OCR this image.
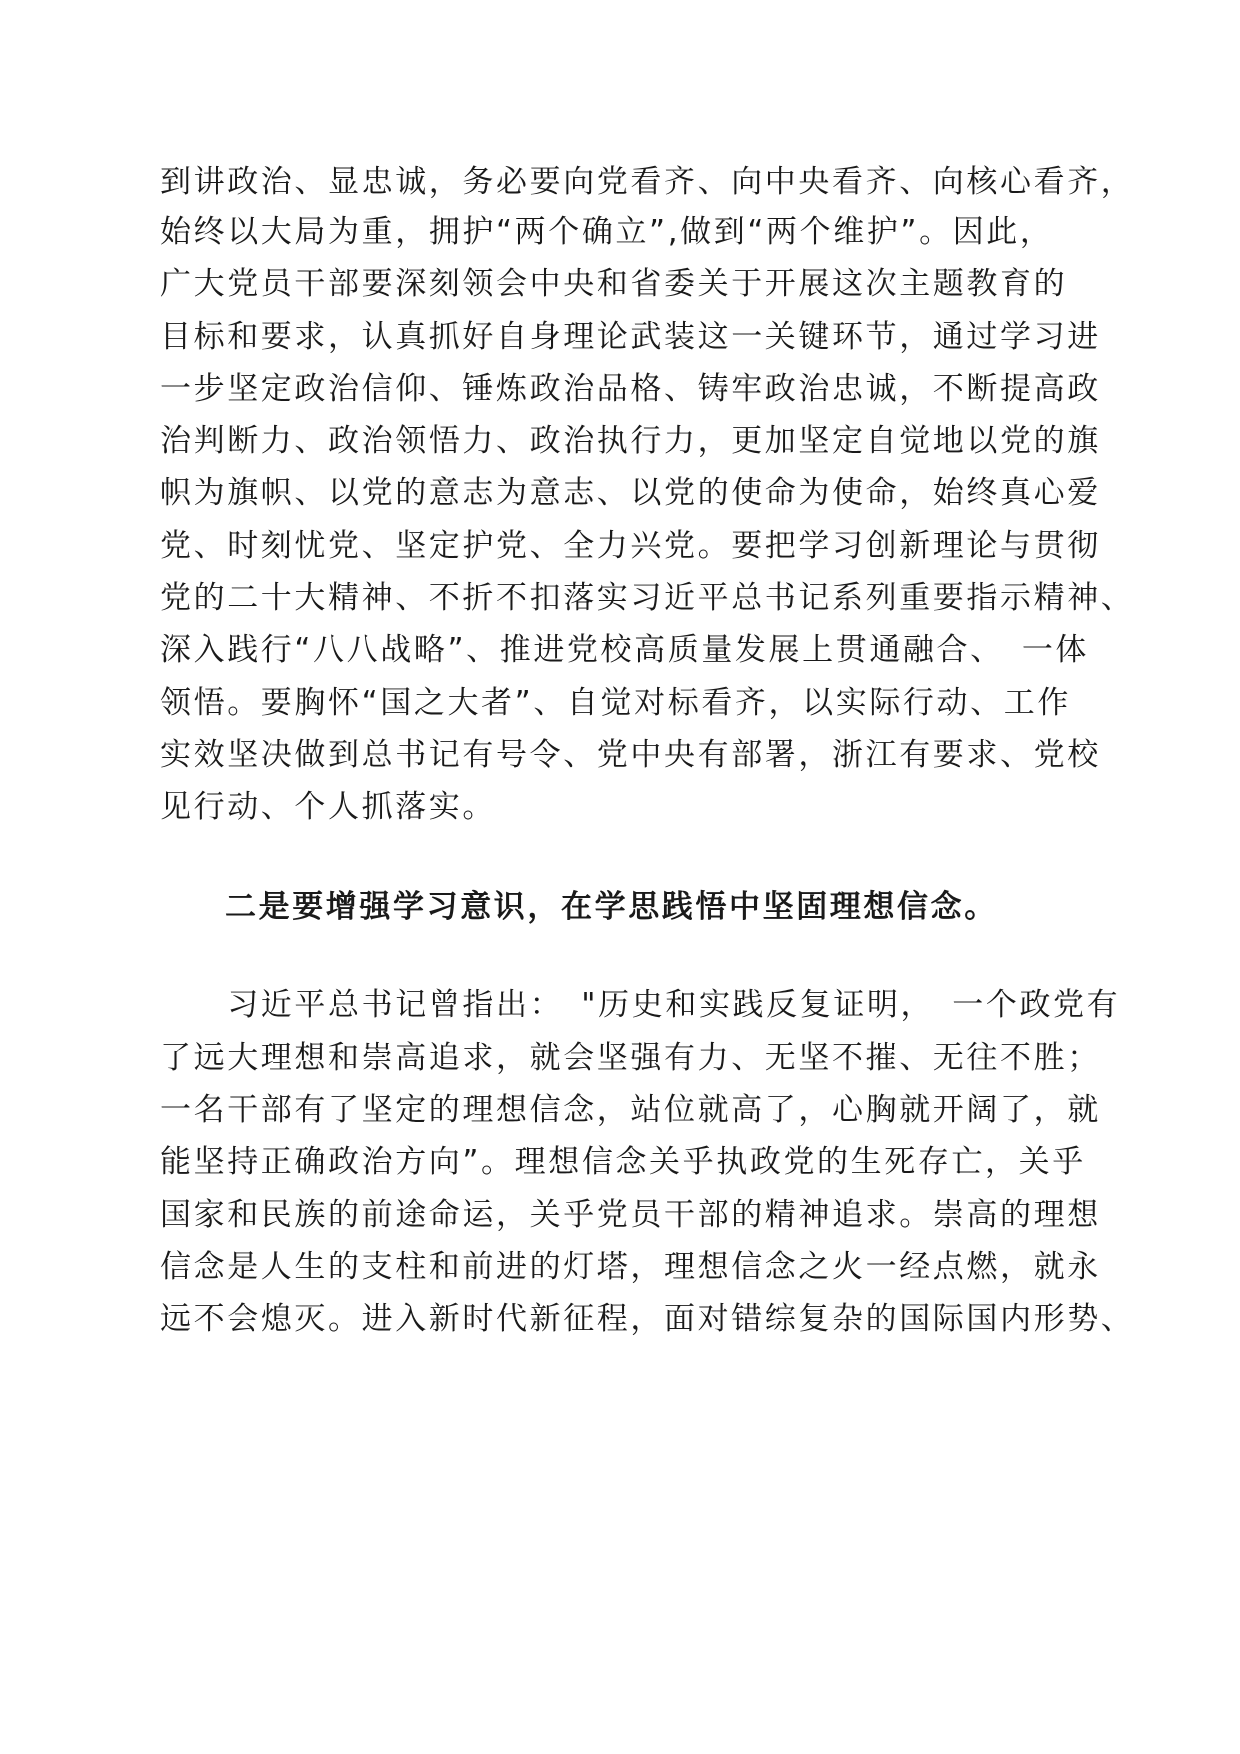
到讲政治、显忠诚，务必要向党看齐、向中央看齐、向核心看齐，
始终以大局为重，拥护“两个确立”,做到“两个维护”。因此，
广大党员干部要深刻领会中央和省委关于开展这次主题教育的
目标和要求，认真抓好自身理论武装这一关键环节，通过学习进
一步坚定政治信仰、锤炼政治品格、铸牢政治忠诚，不断提高政
治判断力、政治领悟力、政治执行力，更加坚定自觉地以党的旗
帜为旗帜、以党的意志为意志、以党的使命为使命，始终真心爱
党、时刻忧党、坚定护党、全力兴党。要把学习创新理论与贯彻
党的二十大精神、不折不扣落实习近平总书记系列重要指示精神、
深入践行“八八战略”、推进党校高质量发展上贯通融合、　一体
领悟。要胸怀“国之大者”、自觉对标看齐，以实际行动、工作
实效坚决做到总书记有号令、党中央有部署，浙江有要求、党校
见行动、个人抓落实。
二是要增强学习意识，在学思践悟中坚固理想信念。
　　习近平总书记曾指出：　"历史和实践反复证明，　一个政党有
了远大理想和崇高追求，就会坚强有力、无坚不摧、无往不胜；
一名干部有了坚定的理想信念，站位就高了，心胸就开阔了，就
能坚持正确政治方向”。理想信念关乎执政党的生死存亡，关乎
国家和民族的前途命运，关乎党员干部的精神追求。崇高的理想
信念是人生的支柱和前进的灯塔，理想信念之火一经点燃，就永
远不会熄灭。进入新时代新征程，面对错综复杂的国际国内形势、
